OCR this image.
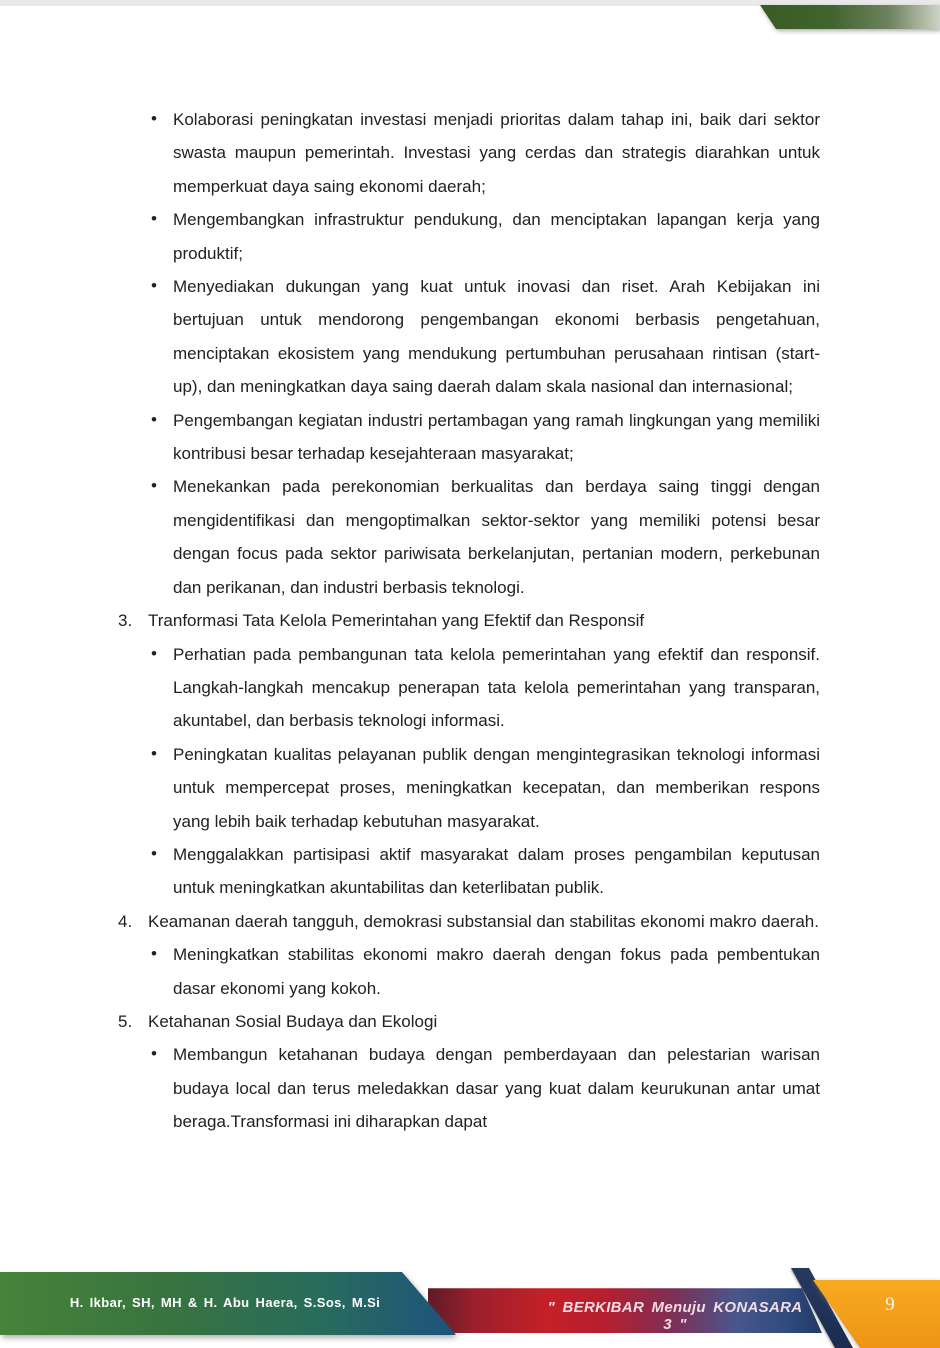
• Kolaborasi peningkatan investasi menjadi prioritas dalam tahap ini, baik dari sektor swasta maupun pemerintah. Investasi yang cerdas dan strategis diarahkan untuk memperkuat daya saing ekonomi daerah;
• Mengembangkan infrastruktur pendukung, dan menciptakan lapangan kerja yang produktif;
• Menyediakan dukungan yang kuat untuk inovasi dan riset. Arah Kebijakan ini bertujuan untuk mendorong pengembangan ekonomi berbasis pengetahuan, menciptakan ekosistem yang mendukung pertumbuhan perusahaan rintisan (start-up), dan meningkatkan daya saing daerah dalam skala nasional dan internasional;
• Pengembangan kegiatan industri pertambagan yang ramah lingkungan yang memiliki kontribusi besar terhadap kesejahteraan masyarakat;
• Menekankan pada perekonomian berkualitas dan berdaya saing tinggi dengan mengidentifikasi dan mengoptimalkan sektor-sektor yang memiliki potensi besar dengan focus pada sektor pariwisata berkelanjutan, pertanian modern, perkebunan dan perikanan, dan industri berbasis teknologi.
3. Tranformasi Tata Kelola Pemerintahan yang Efektif dan Responsif
• Perhatian pada pembangunan tata kelola pemerintahan yang efektif dan responsif. Langkah-langkah mencakup penerapan tata kelola pemerintahan yang transparan, akuntabel, dan berbasis teknologi informasi.
• Peningkatan kualitas pelayanan publik dengan mengintegrasikan teknologi informasi untuk mempercepat proses, meningkatkan kecepatan, dan memberikan respons yang lebih baik terhadap kebutuhan masyarakat.
• Menggalakkan partisipasi aktif masyarakat dalam proses pengambilan keputusan untuk meningkatkan akuntabilitas dan keterlibatan publik.
4. Keamanan daerah tangguh, demokrasi substansial dan stabilitas ekonomi makro daerah.
• Meningkatkan stabilitas ekonomi makro daerah dengan fokus pada pembentukan dasar ekonomi yang kokoh.
5. Ketahanan Sosial Budaya dan Ekologi
• Membangun ketahanan budaya dengan pemberdayaan dan pelestarian warisan budaya local dan terus meledakkan dasar yang kuat dalam keurukunan antar umat beraga.Transformasi ini diharapkan dapat
" BERKIBAR Menuju KONASARA 3 "
9
H. Ikbar, SH, MH & H. Abu Haera, S.Sos, M.Si
